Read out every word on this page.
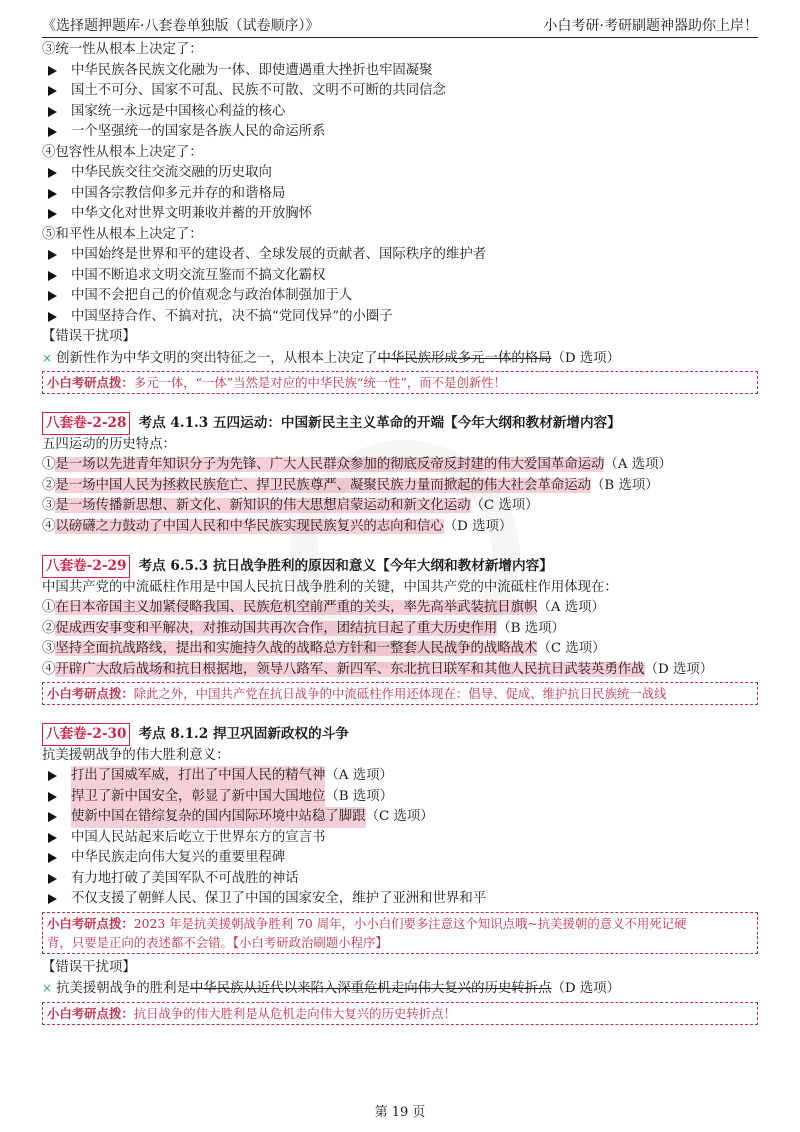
《选择题押题库·八套卷单独版（试卷顺序）》	小白考研·考研刷题神器助你上岸！
③统一性从根本上决定了：
中华民族各民族文化融为一体、即使遭遇重大挫折也牢固凝聚
国土不可分、国家不可乱、民族不可散、文明不可断的共同信念
国家统一永远是中国核心利益的核心
一个坚强统一的国家是各族人民的命运所系
④包容性从根本上决定了：
中华民族交往交流交融的历史取向
中国各宗教信仰多元并存的和谐格局
中华文化对世界文明兼收并蓄的开放胸怀
⑤和平性从根本上决定了：
中国始终是世界和平的建设者、全球发展的贡献者、国际秩序的维护者
中国不断追求文明交流互鉴而不搞文化霸权
中国不会把自己的价值观念与政治体制强加于人
中国坚持合作、不搞对抗，决不搞“党同伐异”的小圈子
【错误干扰项】
× 创新性作为中华文明的突出特征之一，从根本上决定了中华民族形成多元一体的格局（D 选项）
小白考研点拨：多元一体，“一体”当然是对应的中华民族“统一性”，而不是创新性！
八套卷-2-28 考点 4.1.3 五四运动：中国新民主主义革命的开端【今年大纲和教材新增内容】
五四运动的历史特点：
①是一场以先进青年知识分子为先锋、广大人民群众参加的彻底反帝反封建的伟大爱国革命运动（A 选项）
②是一场中国人民为拯救民族危亡、捍卫民族尊严、凝聚民族力量而掀起的伟大社会革命运动（B 选项）
③是一场传播新思想、新文化、新知识的伟大思想启蒙运动和新文化运动（C 选项）
④以磅礴之力鼓动了中国人民和中华民族实现民族复兴的志向和信心（D 选项）
八套卷-2-29 考点 6.5.3 抗日战争胜利的原因和意义【今年大纲和教材新增内容】
中国共产党的中流砥柱作用是中国人民抗日战争胜利的关键，中国共产党的中流砥柱作用体现在：
①在日本帝国主义加紧侵略我国、民族危机空前严重的关头，率先高举武装抗日旗帜（A 选项）
②促成西安事变和平解决，对推动国共再次合作，团结抗日起了重大历史作用（B 选项）
③坚持全面抗战路线，提出和实施持久战的战略总方针和一整套人民战争的战略战术（C 选项）
④开辟广大敌后战场和抗日根据地，领导八路军、新四军、东北抗日联军和其他人民抗日武装英勇作战（D 选项）
小白考研点拨：除此之外，中国共产党在抗日战争的中流砥柱作用还体现在：倡导、促成、维护抗日民族统一战线
八套卷-2-30 考点 8.1.2 捍卫巩固新政权的斗争
抗美援朝战争的伟大胜利意义：
打出了国威军威，打出了中国人民的精气神 （A 选项）
捍卫了新中国安全，彰显了新中国大国地位 （B 选项）
使新中国在错综复杂的国内国际环境中站稳了脚跟 （C 选项）
中国人民站起来后屹立于世界东方的宣言书
中华民族走向伟大复兴的重要里程碑
有力地打破了美国军队不可战胜的神话
不仅支援了朝鲜人民、保卫了中国的国家安全，维护了亚洲和世界和平
小白考研点拨：2023 年是抗美援朝战争胜利 70 周年，小小白们要多注意这个知识点哦~抗美援朝的意义不用死记硬
背，只要是正向的表述都不会错。【小白考研政治刷题小程序】
【错误干扰项】
× 抗美援朝战争的胜利是中华民族从近代以来陷入深重危机走向伟大复兴的历史转折点（D 选项）
小白考研点拨：抗日战争的伟大胜利是从危机走向伟大复兴的历史转折点！
第 19 页
